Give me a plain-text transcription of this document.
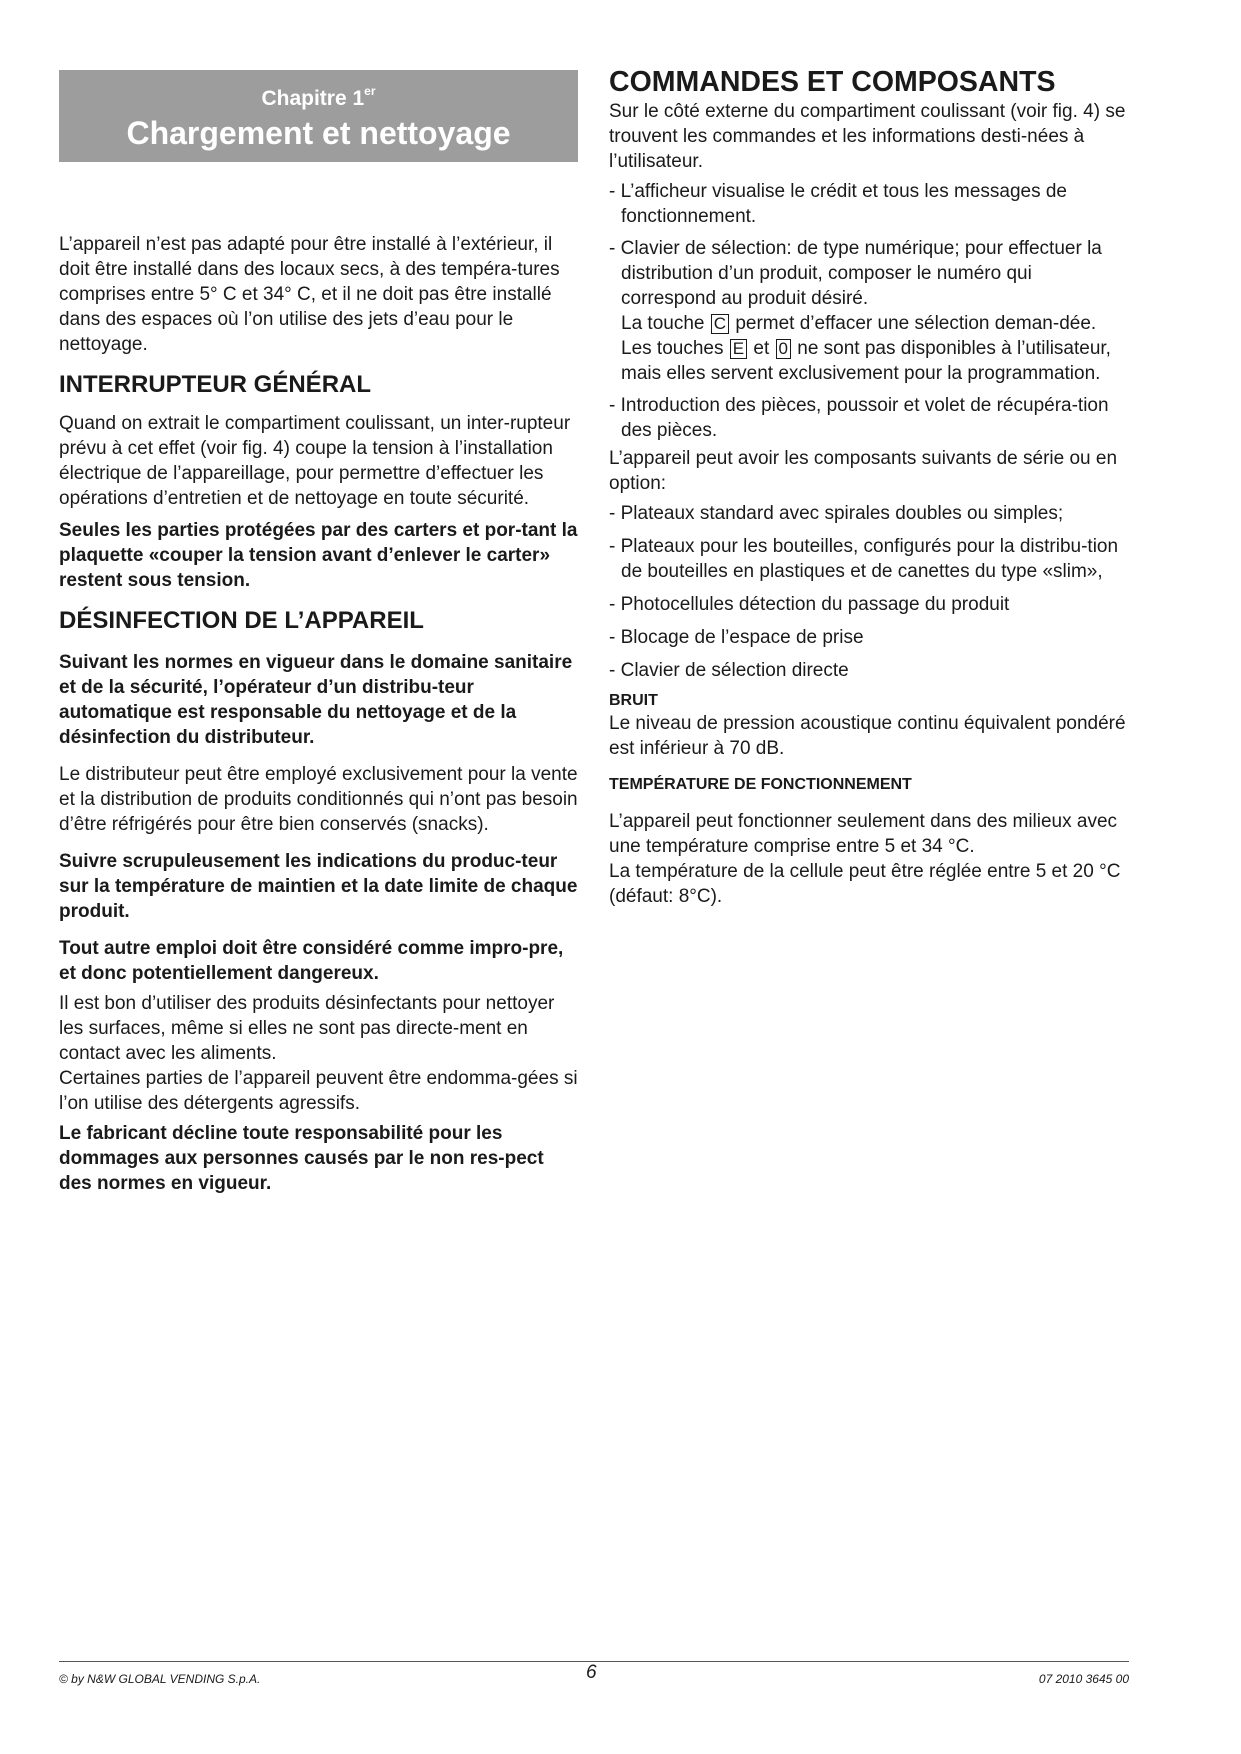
Chapitre 1er
Chargement et nettoyage

L’appareil n’est pas adapté pour être installé à l’extérieur, il doit être installé dans des locaux secs, à des tempéra-tures comprises entre 5° C et 34° C, et il ne doit pas être installé dans des espaces où l’on utilise des jets d’eau pour le nettoyage.

INTERRUPTEUR GÉNÉRAL

Quand on extrait le compartiment coulissant, un inter-rupteur prévu à cet effet (voir fig. 4) coupe la tension à l’installation électrique de l’appareillage, pour permettre d’effectuer les opérations d’entretien et de nettoyage en toute sécurité.

Seules les parties protégées par des carters et por-tant la plaquette «couper la tension avant d’enlever le carter» restent sous tension.

DÉSINFECTION DE L’APPAREIL

Suivant les normes en vigueur dans le domaine sanitaire et de la sécurité, l’opérateur d’un distribu-teur automatique est responsable du nettoyage et de la désinfection du distributeur.

Le distributeur peut être employé exclusivement pour la vente et la distribution de produits conditionnés qui n’ont pas besoin d’être réfrigérés pour être bien conservés (snacks).

Suivre scrupuleusement les indications du produc-teur sur la température de maintien et la date limite de chaque produit.

Tout autre emploi doit être considéré comme impro-pre, et donc potentiellement dangereux.

Il est bon d’utiliser des produits désinfectants pour nettoyer les surfaces, même si elles ne sont pas directe-ment en contact avec les aliments.

Certaines parties de l’appareil peuvent être endomma-gées si l’on utilise des détergents agressifs.

Le fabricant décline toute responsabilité pour les dommages aux personnes causés par le non res-pect des normes en vigueur.

COMMANDES ET COMPOSANTS

Sur le côté externe du compartiment coulissant (voir fig. 4) se trouvent les commandes et les informations desti-nées à l’utilisateur.

- L’afficheur visualise le crédit et tous les messages de fonctionnement.

- Clavier de sélection: de type numérique; pour effectuer la distribution d’un produit, composer le numéro qui correspond au produit désiré.

La touche C permet d’effacer une sélection deman-dée.

Les touches E et 0 ne sont pas disponibles à l’utilisateur, mais elles servent exclusivement pour la programmation.

- Introduction des pièces, poussoir et volet de récupéra-tion des pièces.

L’appareil peut avoir les composants suivants de série ou en option:

- Plateaux standard avec spirales doubles ou simples;

- Plateaux pour les bouteilles, configurés pour la distribu-tion de bouteilles en plastiques et de canettes du type «slim»,

- Photocellules détection du passage du produit

- Blocage de l’espace de prise

- Clavier de sélection directe

BRUIT

Le niveau de pression acoustique continu équivalent pondéré est inférieur à 70 dB.

TEMPÉRATURE DE FONCTIONNEMENT

L’appareil peut fonctionner seulement dans des milieux avec une température comprise entre 5 et 34 °C.

La température de la cellule peut être réglée entre 5 et 20 °C (défaut: 8°C).

© by N&W GLOBAL VENDING S.p.A.	6	07 2010 3645 00
